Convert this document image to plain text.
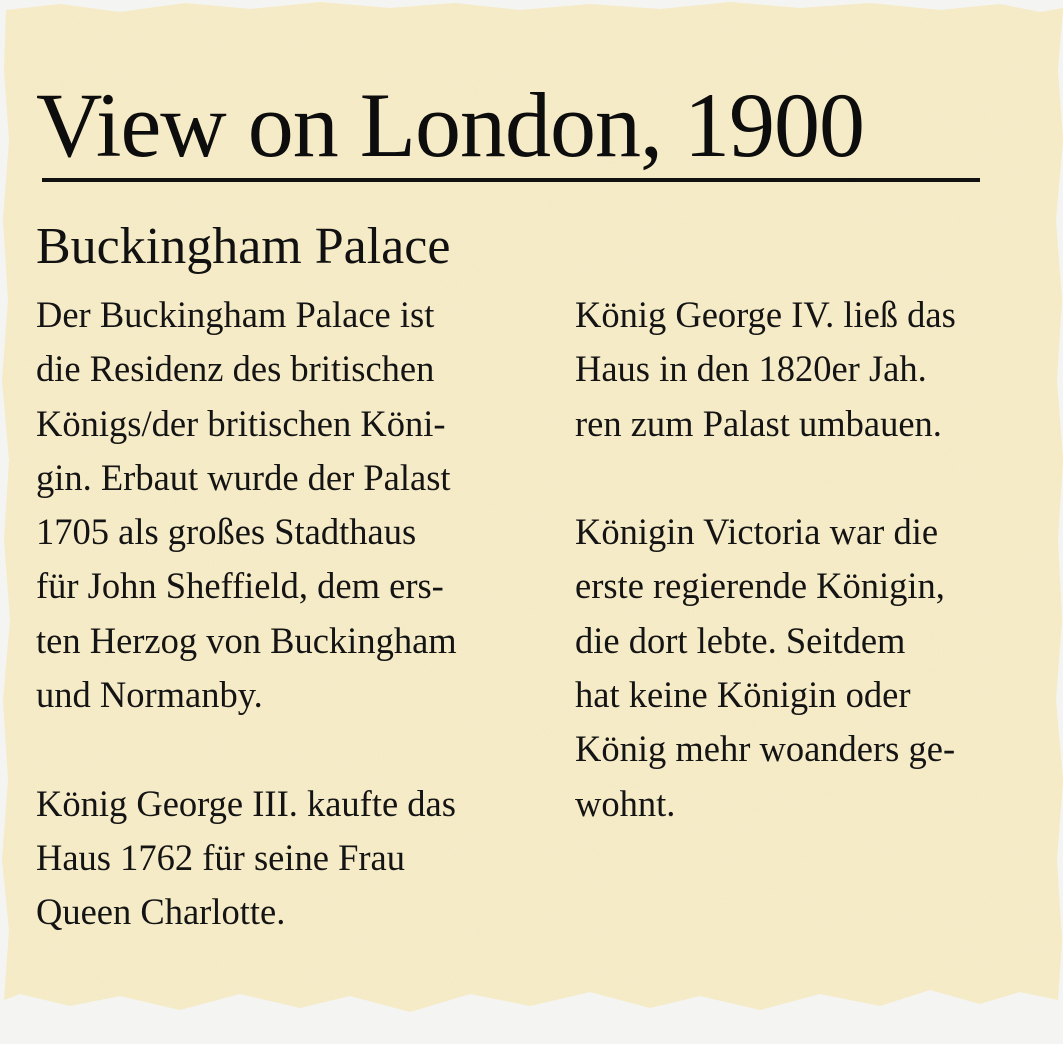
View on London, 1900
Buckingham Palace
Der Buckingham Palace ist
die Residenz des britischen
Königs/der britischen Köni-
gin. Erbaut wurde der Palast
1705 als großes Stadthaus
für John Sheffield, dem ers-
ten Herzog von Buckingham
und Normanby.
König George III. kaufte das
Haus 1762 für seine Frau
Queen Charlotte.
König George IV. ließ das
Haus in den 1820er Jah.
ren zum Palast umbauen.
Königin Victoria war die
erste regierende Königin,
die dort lebte. Seitdem
hat keine Königin oder
König mehr woanders ge-
wohnt.
